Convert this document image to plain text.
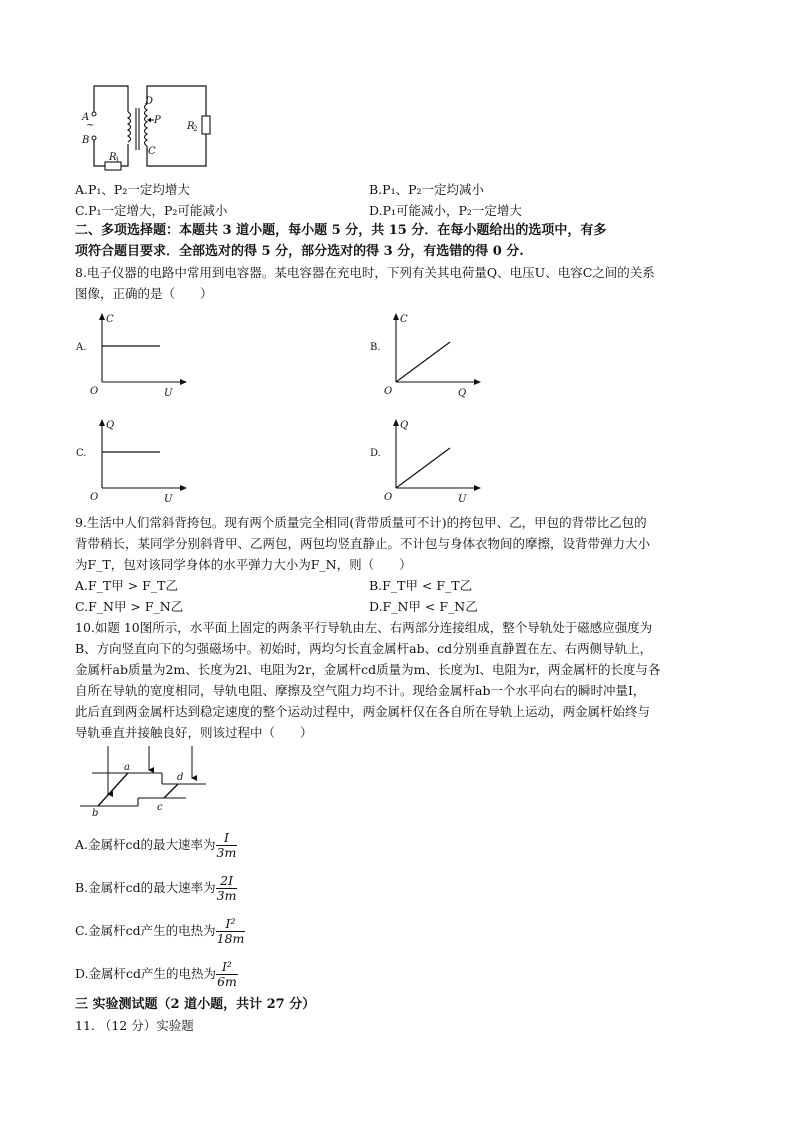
A
~
B
D
P
C
R
1
R
2
A.P₁、P₂一定均增大	B.P₁、P₂一定均减小
C.P₁一定增大，P₂可能减小	D.P₁可能减小，P₂一定增大
二、多项选择题：本题共 3 道小题，每小题 5 分，共 15 分．在每小题给出的选项中，有多
项符合题目要求．全部选对的得 5 分，部分选对的得 3 分，有选错的得 0 分.
8.电子仪器的电路中常用到电容器。某电容器在充电时，下列有关其电荷量Q、电压U、电容C之间的关系
图像，正确的是（　　）
A.
C
U
O
B.
C
Q
O
C.
Q
U
O
D.
Q
U
O
9.生活中人们常斜背挎包。现有两个质量完全相同(背带质量可不计)的挎包甲、乙，甲包的背带比乙包的
背带稍长，某同学分别斜背甲、乙两包，两包均竖直静止。不计包与身体衣物间的摩擦，设背带弹力大小
为F_T，包对该同学身体的水平弹力大小为F_N，则（　　）
A.F_T甲 > F_T乙	B.F_T甲 < F_T乙
C.F_N甲 > F_N乙	D.F_N甲 < F_N乙
10.如题 10图所示，水平面上固定的两条平行导轨由左、右两部分连接组成，整个导轨处于磁感应强度为
B、方向竖直向下的匀强磁场中。初始时，两均匀长直金属杆ab、cd分别垂直静置在左、右两侧导轨上，
金属杆ab质量为2m、长度为2l、电阻为2r，金属杆cd质量为m、长度为l、电阻为r，两金属杆的长度与各
自所在导轨的宽度相同，导轨电阻、摩擦及空气阻力均不计。现给金属杆ab一个水平向右的瞬时冲量I，
此后直到两金属杆达到稳定速度的整个运动过程中，两金属杆仅在各自所在导轨上运动，两金属杆始终与
导轨垂直并接触良好，则该过程中（　　）
a
b
c
d
A.金属杆cd的最大速率为 $\frac{I}{3m}$
B.金属杆cd的最大速率为 $\frac{2I}{3m}$
C.金属杆cd产生的电热为 $\frac{\text{I²}}{18m}$
D.金属杆cd产生的电热为 $\frac{\text{I²}}{6m}$
三 实验测试题（2 道小题，共计 27 分）
11. （12 分）实验题
